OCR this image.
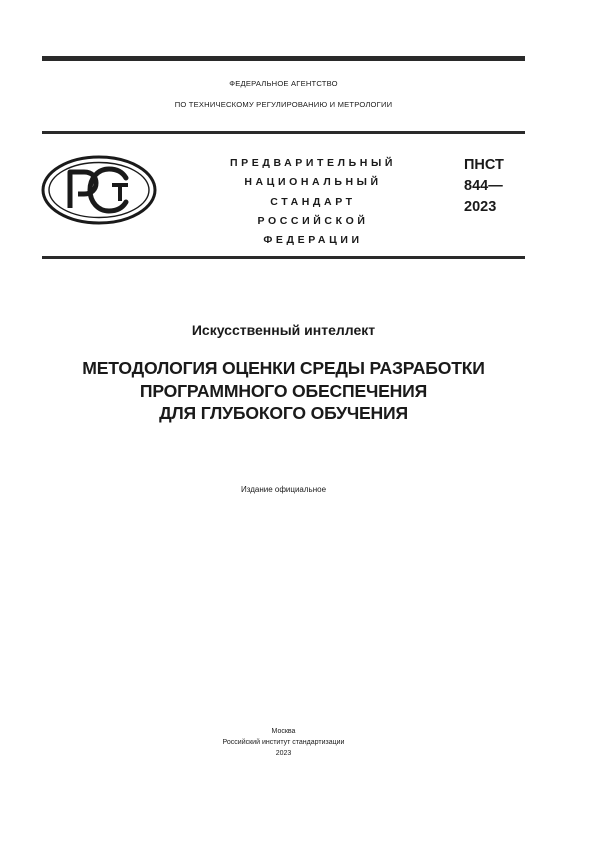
ФЕДЕРАЛЬНОЕ АГЕНТСТВО
ПО ТЕХНИЧЕСКОМУ РЕГУЛИРОВАНИЮ И МЕТРОЛОГИИ
ПРЕДВАРИТЕЛЬНЫЙ
НАЦИОНАЛЬНЫЙ
СТАНДАРТ
РОССИЙСКОЙ
ФЕДЕРАЦИИ
ПНСТ
844—
2023
Искусственный интеллект
МЕТОДОЛОГИЯ ОЦЕНКИ СРЕДЫ РАЗРАБОТКИ
ПРОГРАММНОГО ОБЕСПЕЧЕНИЯ
ДЛЯ ГЛУБОКОГО ОБУЧЕНИЯ
Издание официальное
Москва
Российский институт стандартизации
2023
